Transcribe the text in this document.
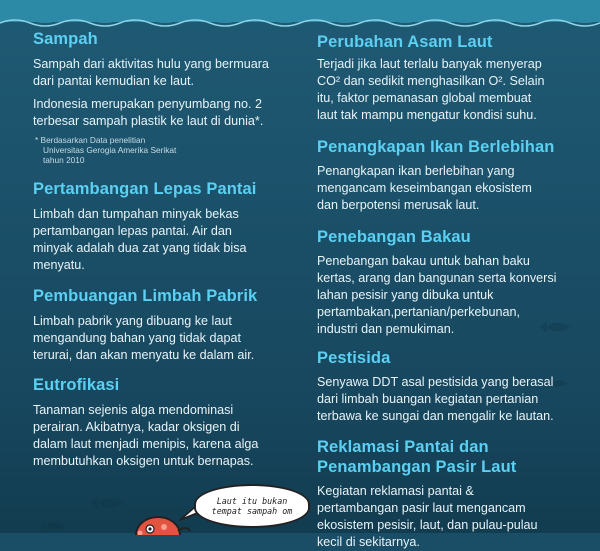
Sampah
Sampah dari aktivitas hulu yang bermuara
dari pantai kemudian ke laut.
Indonesia merupakan penyumbang no. 2
terbesar sampah plastik ke laut di dunia*.
* Berdasarkan Data penelitian
Universitas Gerogia Amerika Serikat
tahun 2010
Pertambangan Lepas Pantai
Limbah dan tumpahan minyak bekas
pertambangan lepas pantai. Air dan
minyak adalah dua zat yang tidak bisa
menyatu.
Pembuangan Limbah Pabrik
Limbah pabrik yang dibuang ke laut
mengandung bahan yang tidak dapat
terurai, dan akan menyatu ke dalam air.
Eutrofikasi
Tanaman sejenis alga mendominasi
perairan. Akibatnya, kadar oksigen di
dalam laut menjadi menipis, karena alga
membutuhkan oksigen untuk bernapas.
Perubahan Asam Laut
Terjadi jika laut terlalu banyak menyerap
CO² dan sedikit menghasilkan O². Selain
itu, faktor pemanasan global membuat
laut tak mampu mengatur kondisi suhu.
Penangkapan Ikan Berlebihan
Penangkapan ikan berlebihan yang
mengancam keseimbangan ekosistem
dan berpotensi merusak laut.
Penebangan Bakau
Penebangan bakau untuk bahan baku
kertas, arang dan bangunan serta konversi
lahan pesisir yang dibuka untuk
pertambakan,pertanian/perkebunan,
industri dan pemukiman.
Pestisida
Senyawa DDT asal pestisida yang berasal
dari limbah buangan kegiatan pertanian
terbawa ke sungai dan mengalir ke lautan.
Reklamasi Pantai dan
Penambangan Pasir Laut
Kegiatan reklamasi pantai &
pertambangan pasir laut mengancam
ekosistem pesisir, laut, dan pulau-pulau
kecil di sekitarnya.
Laut itu bukan
tempat sampah om
